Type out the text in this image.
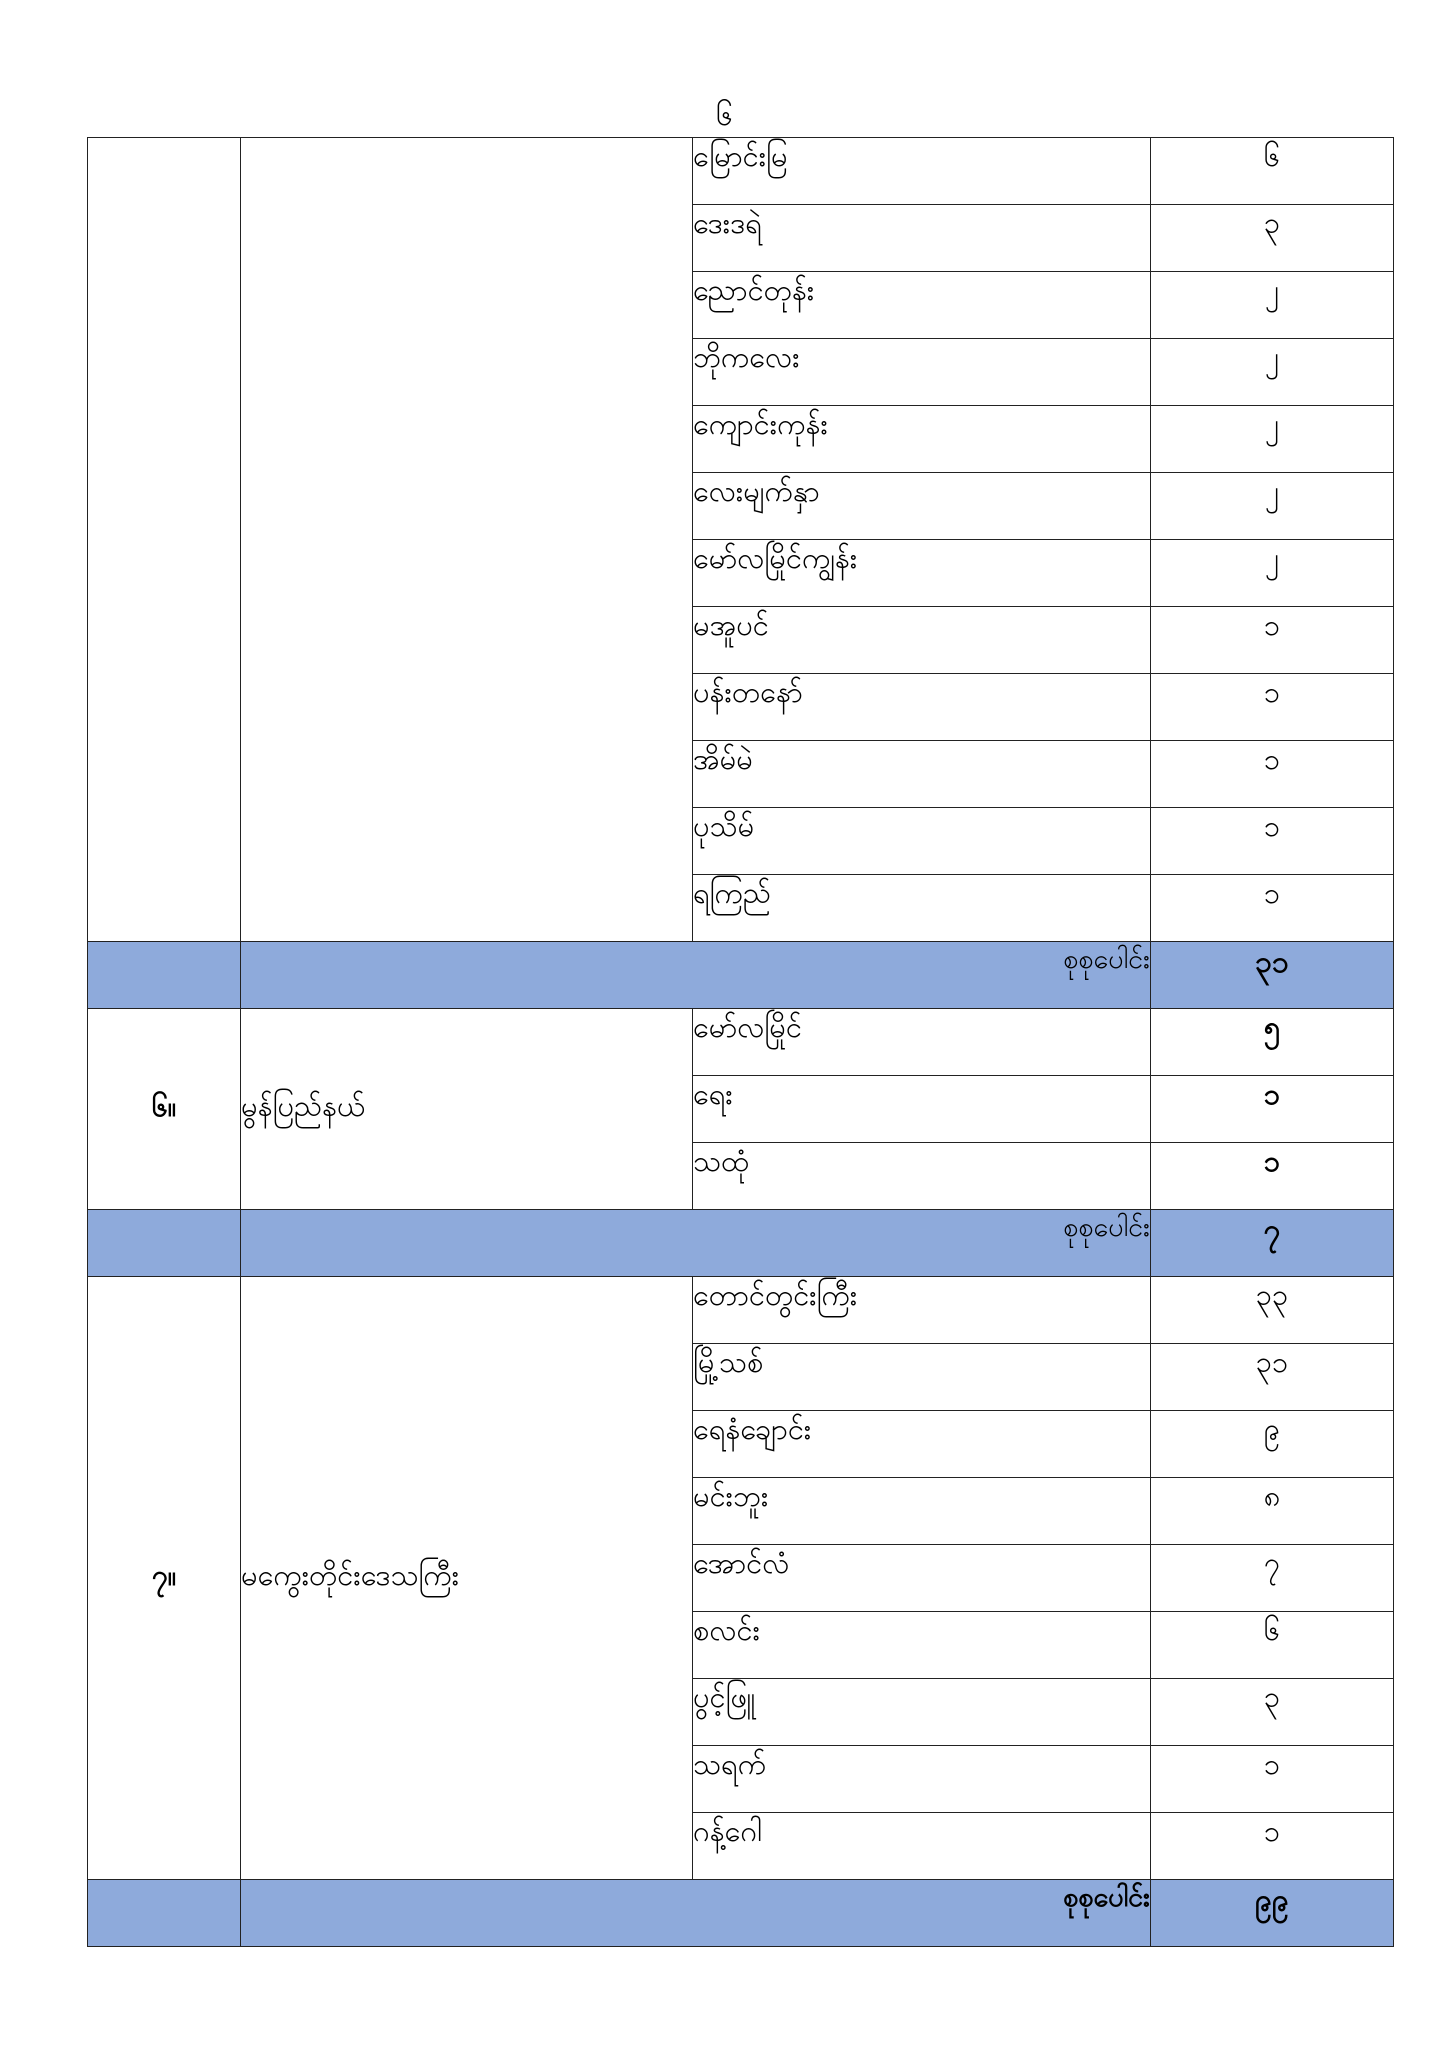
၆
		မြောင်းမြ	၆
		ဒေးဒရဲ	၃
		ညောင်တုန်း	၂
		ဘိုကလေး	၂
		ကျောင်းကုန်း	၂
		လေးမျက်နှာ	၂
		မော်လမြိုင်ကျွန်း	၂
		မအူပင်	၁
		ပန်းတနော်	၁
		အိမ်မဲ	၁
		ပုသိမ်	၁
		ရကြည်	၁
	စုစုပေါင်း		၃၁
၆။	မွန်ပြည်နယ်	မော်လမြိုင်	၅
		ရေး	၁
		သထုံ	၁
	စုစုပေါင်း		၇
၇။	မကွေးတိုင်းဒေသကြီး	တောင်တွင်းကြီး	၃၃
		မြို့သစ်	၃၁
		ရေနံချောင်း	၉
		မင်းဘူး	၈
		အောင်လံ	၇
		စလင်း	၆
		ပွင့်ဖြူ	၃
		သရက်	၁
		ဂန့်ဂေါ	၁
	စုစုပေါင်း		၉၉
